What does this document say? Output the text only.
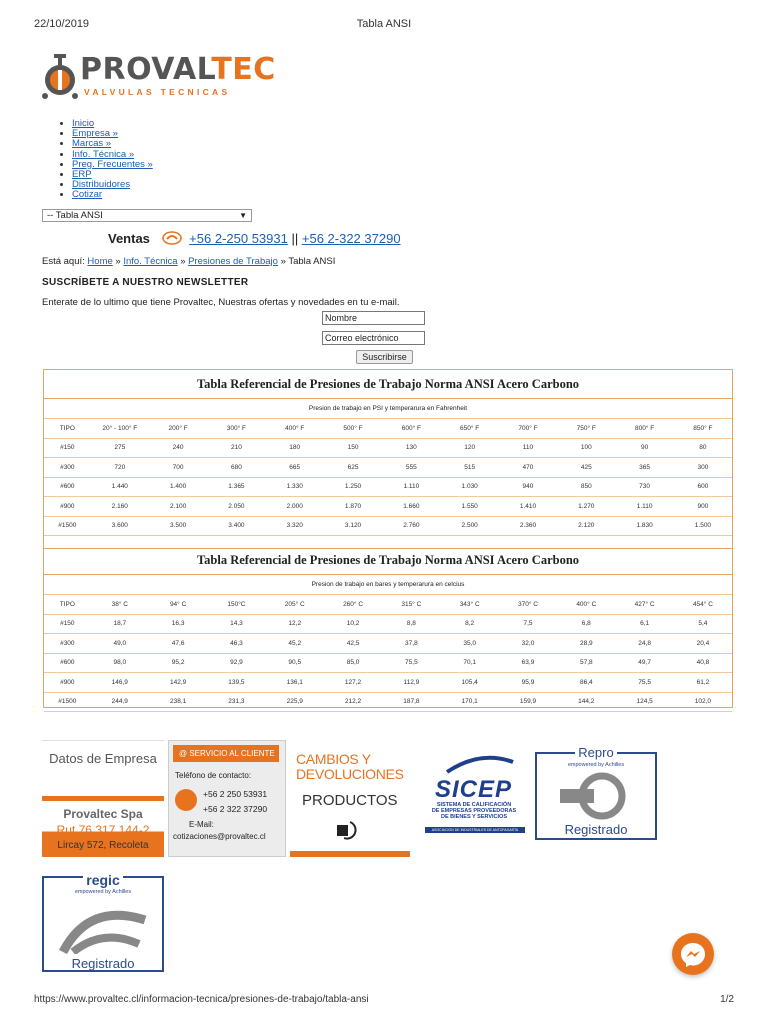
22/10/2019	Tabla ANSI
PROVALTEC
VALVULAS TECNICAS
• Inicio
• Empresa »
• Marcas »
• Info. Técnica »
• Preg. Frecuentes »
• ERP
• Distribuidores
• Cotizar
-- Tabla ANSI	▼
Ventas	+56 2-250 53931 || +56 2-322 37290
Está aquí: Home » Info. Técnica » Presiones de Trabajo » Tabla ANSI
SUSCRÍBETE A NUESTRO NEWSLETTER
Enterate de lo ultimo que tiene Provaltec, Nuestras ofertas y novedades en tu e-mail.
Nombre
Correo electrónico
Suscribirse
Tabla Referencial de Presiones de Trabajo Norma ANSI Acero Carbono
Presion de trabajo en PSI y temperarura en Fahrenheit
TIPO	20° - 100° F	200° F	300° F	400° F	500° F	600° F	650° F	700° F	750° F	800° F	850° F
#150	275	240	210	180	150	130	120	110	100	90	80
#300	720	700	680	665	625	555	515	470	425	365	300
#600	1.440	1.400	1.365	1.330	1.250	1.110	1.030	940	850	730	600
#900	2.160	2.100	2.050	2.000	1.870	1.660	1.550	1.410	1.270	1.110	900
#1500	3.600	3.500	3.400	3.320	3.120	2.760	2.500	2.360	2.120	1.830	1.500
Tabla Referencial de Presiones de Trabajo Norma ANSI Acero Carbono
Presion de trabajo en bares y temperarura en celcius
TIPO	38° C	94° C	150°C	205° C	260° C	315° C	343° C	370° C	400° C	427° C	454° C
#150	18,7	16,3	14,3	12,2	10,2	8,8	8,2	7,5	6,8	6,1	5,4
#300	49,0	47,6	46,3	45,2	42,5	37,8	35,0	32,0	28,9	24,8	20,4
#600	98,0	95,2	92,9	90,5	85,0	75,5	70,1	63,9	57,8	49,7	40,8
#900	146,9	142,9	139,5	136,1	127,2	112,9	105,4	95,9	86,4	75,5	61,2
#1500	244,9	238,1	231,3	225,9	212,2	187,8	170,1	159,9	144,2	124,5	102,0
Datos de Empresa
Provaltec Spa
Rut 76.317.144-2
Lircay 572, Recoleta
@ SERVICIO AL CLIENTE
Teléfono de contacto:
+56 2 250 53931
+56 2 322 37290
E-Mail:
cotizaciones@provaltec.cl
CAMBIOS Y
DEVOLUCIONES
PRODUCTOS SICEP
SISTEMA DE CALIFICACIÓN
DE EMPRESAS PROVEEDORAS
DE BIENES Y SERVICIOS
ASOCIACION DE INDUSTRIALES DE ANTOFAGASTA
Repro
empowered by Achilles
Registrado
regic
empowered by Achilles
Registrado
https://www.provaltec.cl/informacion-tecnica/presiones-de-trabajo/tabla-ansi	1/2
